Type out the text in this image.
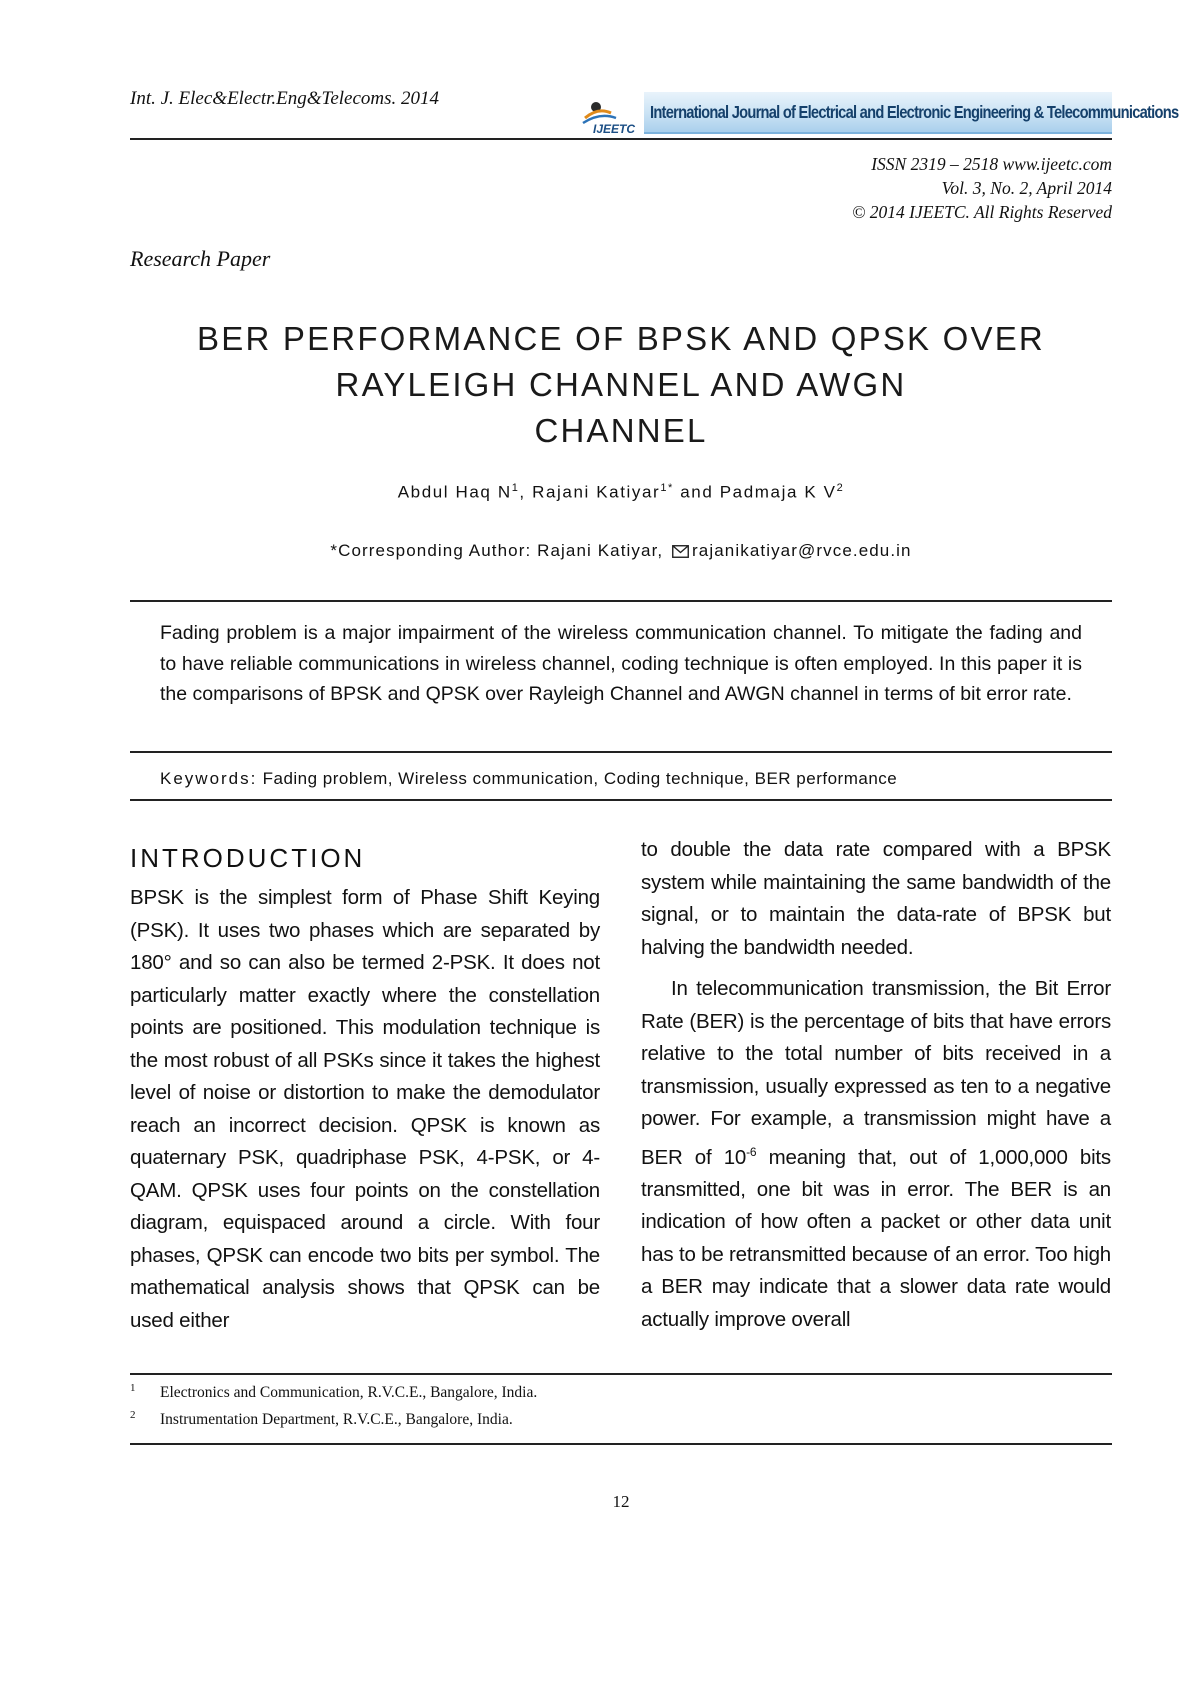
Int. J. Elec&Electr.Eng&Telecoms. 2014
IJEETC
International Journal of Electrical and Electronic Engineering & Telecommunications
ISSN 2319 – 2518 www.ijeetc.com
Vol. 3, No. 2, April 2014
© 2014 IJEETC. All Rights Reserved
Research Paper
BER PERFORMANCE OF BPSK AND QPSK OVER
RAYLEIGH CHANNEL AND AWGN
CHANNEL
Abdul Haq $N^1$, Rajani Katiyar$^{1*}$ and Padmaja K $V^2$
*Corresponding Author: Rajani Katiyar, rajanikatiyar@rvce.edu.in
Fading problem is a major impairment of the wireless communication channel. To mitigate the fading and to have reliable communications in wireless channel, coding technique is often employed. In this paper it is the comparisons of BPSK and QPSK over Rayleigh Channel and AWGN channel in terms of bit error rate.
Keywords: Fading problem, Wireless communication, Coding technique, BER performance
INTRODUCTION

BPSK is the simplest form of Phase Shift Keying (PSK). It uses two phases which are separated by 180° and so can also be termed 2-PSK. It does not particularly matter exactly where the constellation points are positioned. This modulation technique is the most robust of all PSKs since it takes the highest level of noise or distortion to make the demodulator reach an incorrect decision. QPSK is known as quaternary PSK, quadriphase PSK, 4-PSK, or 4-QAM. QPSK uses four points on the constellation diagram, equispaced around a circle. With four phases, QPSK can encode two bits per symbol. The mathematical analysis shows that QPSK can be used either

to double the data rate compared with a BPSK system while maintaining the same bandwidth of the signal, or to maintain the data-rate of BPSK but halving the bandwidth needed.

In telecommunication transmission, the Bit Error Rate (BER) is the percentage of bits that have errors relative to the total number of bits received in a transmission, usually expressed as ten to a negative power. For example, a transmission might have a BER of $10^{-6}$ meaning that, out of 1,000,000 bits transmitted, one bit was in error. The BER is an indication of how often a packet or other data unit has to be retransmitted because of an error. Too high a BER may indicate that a slower data rate would actually improve overall

$^1$ Electronics and Communication, R.V.C.E., Bangalore, India.
$^2$ Instrumentation Department, R.V.C.E., Bangalore, India.
12
